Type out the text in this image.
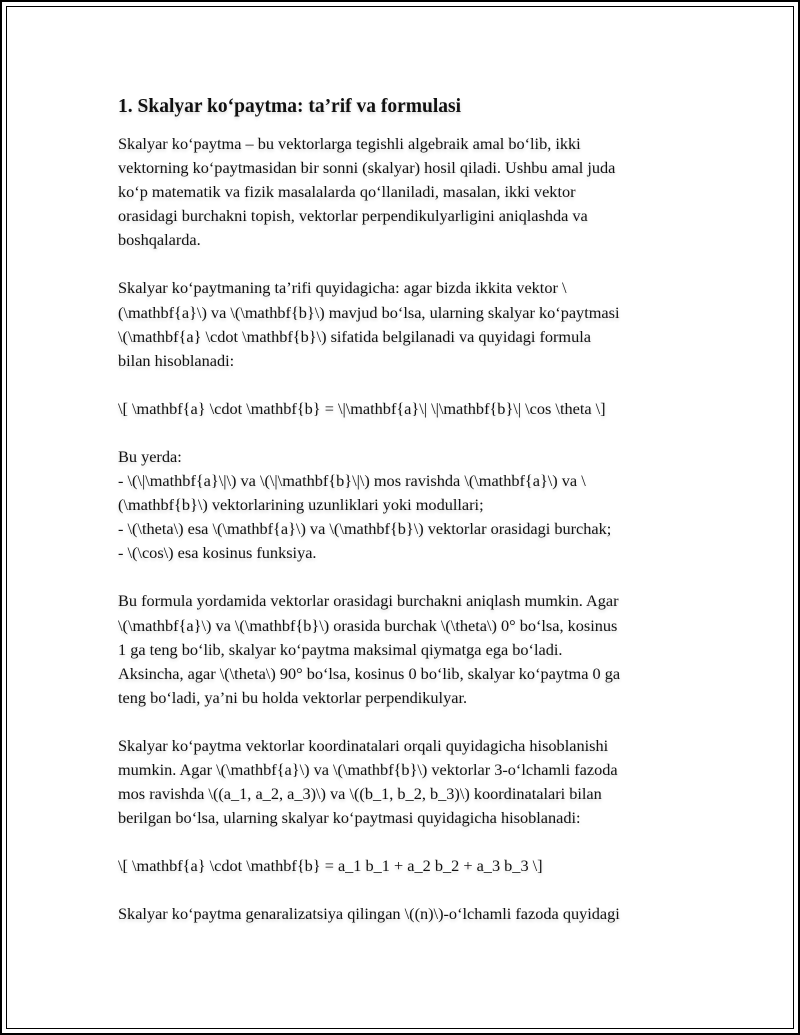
1. Skalyar ko‘paytma: ta’rif va formulasi
Skalyar ko‘paytma – bu vektorlarga tegishli algebraik amal bo‘lib, ikki
vektorning ko‘paytmasidan bir sonni (skalyar) hosil qiladi. Ushbu amal juda
ko‘p matematik va fizik masalalarda qo‘llaniladi, masalan, ikki vektor
orasidagi burchakni topish, vektorlar perpendikulyarligini aniqlashda va
boshqalarda.
Skalyar ko‘paytmaning ta’rifi quyidagicha: agar bizda ikkita vektor \
(\mathbf{a}\) va \(\mathbf{b}\) mavjud bo‘lsa, ularning skalyar ko‘paytmasi
\(\mathbf{a} \cdot \mathbf{b}\) sifatida belgilanadi va quyidagi formula
bilan hisoblanadi:
\[ \mathbf{a} \cdot \mathbf{b} = \|\mathbf{a}\| \|\mathbf{b}\| \cos \theta \]
Bu yerda:
- \(\|\mathbf{a}\|\) va \(\|\mathbf{b}\|\) mos ravishda \(\mathbf{a}\) va \
(\mathbf{b}\) vektorlarining uzunliklari yoki modullari;
- \(\theta\) esa \(\mathbf{a}\) va \(\mathbf{b}\) vektorlar orasidagi burchak;
- \(\cos\) esa kosinus funksiya.
Bu formula yordamida vektorlar orasidagi burchakni aniqlash mumkin. Agar
\(\mathbf{a}\) va \(\mathbf{b}\) orasida burchak \(\theta\) 0° bo‘lsa, kosinus
1 ga teng bo‘lib, skalyar ko‘paytma maksimal qiymatga ega bo‘ladi.
Aksincha, agar \(\theta\) 90° bo‘lsa, kosinus 0 bo‘lib, skalyar ko‘paytma 0 ga
teng bo‘ladi, ya’ni bu holda vektorlar perpendikulyar.
Skalyar ko‘paytma vektorlar koordinatalari orqali quyidagicha hisoblanishi
mumkin. Agar \(\mathbf{a}\) va \(\mathbf{b}\) vektorlar 3-o‘lchamli fazoda
mos ravishda \((a_1, a_2, a_3)\) va \((b_1, b_2, b_3)\) koordinatalari bilan
berilgan bo‘lsa, ularning skalyar ko‘paytmasi quyidagicha hisoblanadi:
\[ \mathbf{a} \cdot \mathbf{b} = a_1 b_1 + a_2 b_2 + a_3 b_3 \]
Skalyar ko‘paytma genaralizatsiya qilingan \((n)\)-o‘lchamli fazoda quyidagi
